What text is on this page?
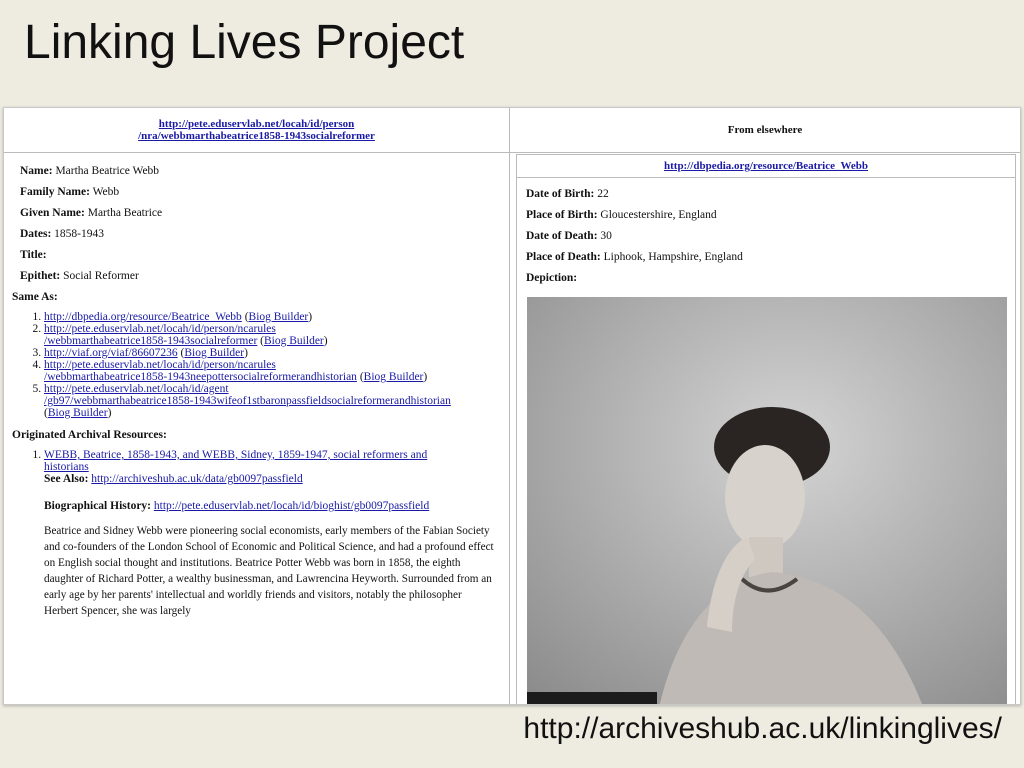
Linking Lives Project
http://pete.eduservlab.net/locah/id/person
/nra/webbmarthabeatrice1858-1943socialreformer
Name: Martha Beatrice Webb
Family Name: Webb
Given Name: Martha Beatrice
Dates: 1858-1943
Title:
Epithet: Social Reformer
Same As:
1. http://dbpedia.org/resource/Beatrice_Webb (Biog Builder)
2. http://pete.eduservlab.net/locah/id/person/ncarules
/webbmarthabeatrice1858-1943socialreformer (Biog Builder)
3. http://viaf.org/viaf/86607236 (Biog Builder)
4. http://pete.eduservlab.net/locah/id/person/ncarules
/webbmarthabeatrice1858-1943neepottersocialreformerandhistorian (Biog Builder)
5. http://pete.eduservlab.net/locah/id/agent
/gb97/webbmarthabeatrice1858-1943wifeof1stbaronpassfieldsocialreformerandhistorian
(Biog Builder)
Originated Archival Resources:
1. WEBB, Beatrice, 1858-1943, and WEBB, Sidney, 1859-1947, social reformers and
historians
See Also: http://archiveshub.ac.uk/data/gb0097passfield
Biographical History: http://pete.eduservlab.net/locah/id/bioghist/gb0097passfield
Beatrice and Sidney Webb were pioneering social economists, early members of the Fabian Society and co-founders of the London School of Economic and Political Science, and had a profound effect on English social thought and institutions. Beatrice Potter Webb was born in 1858, the eighth daughter of Richard Potter, a wealthy businessman, and Lawrencina Heyworth. Surrounded from an early age by her parents' intellectual and worldly friends and visitors, notably the philosopher Herbert Spencer, she was largely
From elsewhere
http://dbpedia.org/resource/Beatrice_Webb
Date of Birth: 22
Place of Birth: Gloucestershire, England
Date of Death: 30
Place of Death: Liphook, Hampshire, England
Depiction:
http://archiveshub.ac.uk/linkinglives/
